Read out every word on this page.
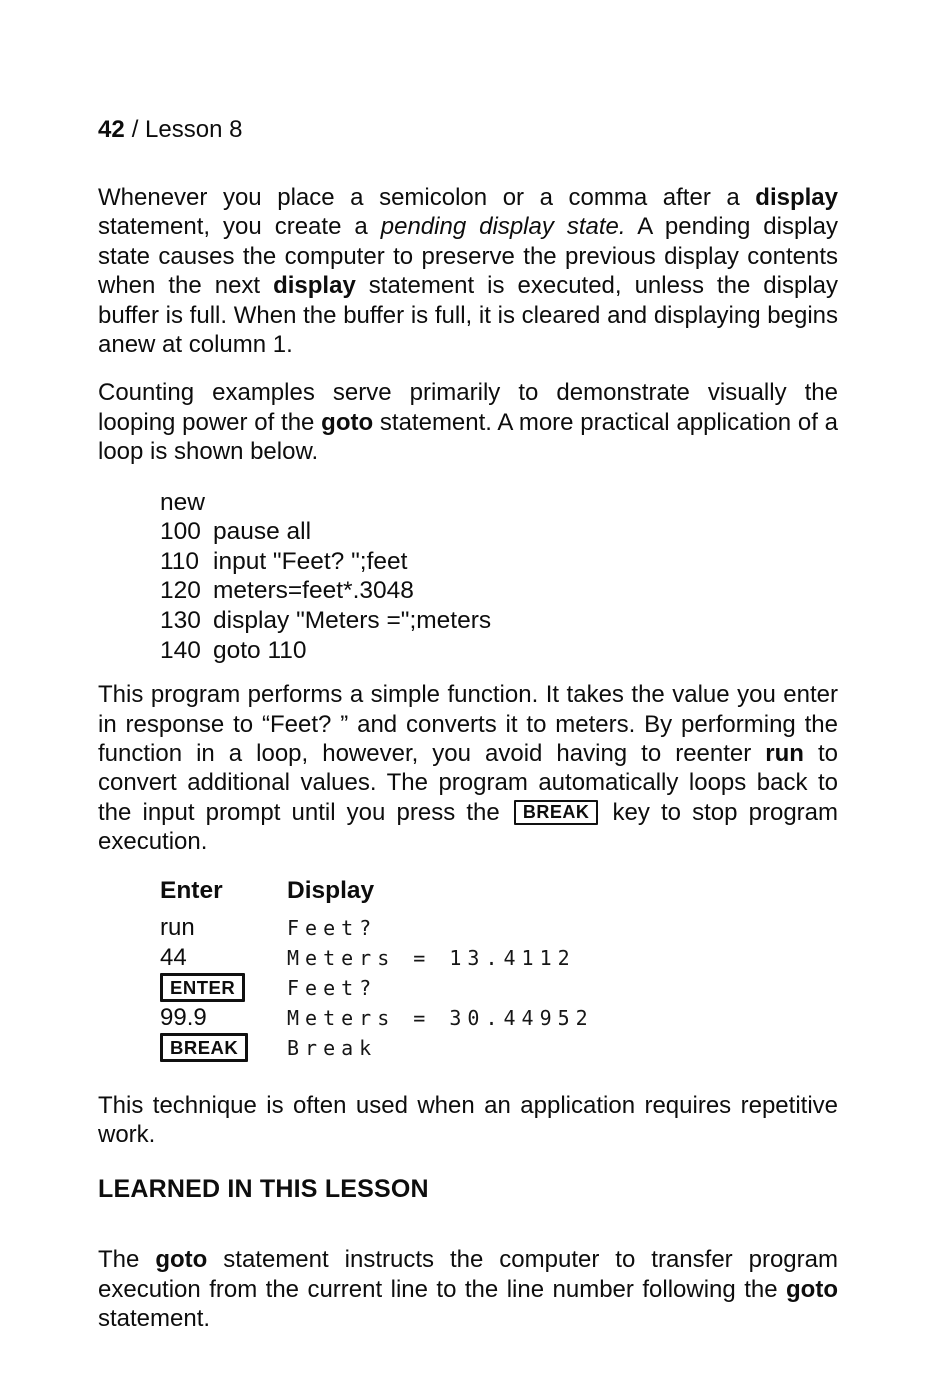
42 / Lesson 8

Whenever you place a semicolon or a comma after a display statement, you create a pending display state. A pending display state causes the computer to preserve the previous display contents when the next display statement is executed, unless the display buffer is full. When the buffer is full, it is cleared and displaying begins anew at column 1.

Counting examples serve primarily to demonstrate visually the looping power of the goto statement. A more practical application of a loop is shown below.

new
100 pause all
110 input "Feet? ";feet
120 meters=feet*.3048
130 display "Meters =";meters
140 goto 110

This program performs a simple function. It takes the value you enter in response to “Feet? ” and converts it to meters. By performing the function in a loop, however, you avoid having to reenter run to convert additional values. The program automatically loops back to the input prompt until you press the BREAK key to stop program execution.

Enter	Display
run	Feet?
44	Meters = 13.4112
ENTER	Feet?
99.9	Meters = 30.44952
BREAK	Break

This technique is often used when an application requires repetitive work.

LEARNED IN THIS LESSON

The goto statement instructs the computer to transfer program execution from the current line to the line number following the goto statement.
